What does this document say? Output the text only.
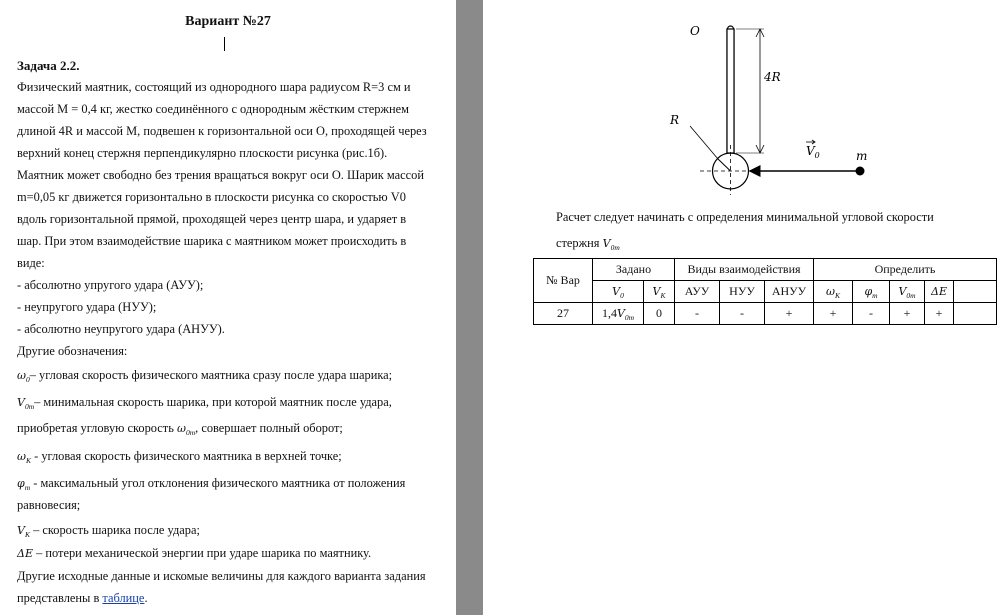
Вариант №27
Задача 2.2.
Физический маятник, состоящий из однородного шара радиусом R=3 см и
массой М = 0,4 кг, жестко соединённого с однородным жёстким стержнем
длиной 4R и массой М, подвешен к горизонтальной оси О, проходящей через
верхний конец стержня перпендикулярно плоскости рисунка (рис.1б).
Маятник может свободно без трения вращаться вокруг оси О. Шарик массой
m=0,05 кг движется горизонтально в плоскости рисунка со скоростью V0
вдоль горизонтальной прямой, проходящей через центр шара, и ударяет в
шар. При этом взаимодействие шарика с маятником может происходить в
виде:
- абсолютно упругого удара (АУУ);
- неупругого удара (НУУ);
- абсолютно неупругого удара (АНУУ).
Другие обозначения:
$\omega_0-$ угловая скорость физического маятника сразу после удара шарика;
$V_{0m}-$ минимальная скорость шарика, при которой маятник после удара,
приобретая угловую скорость $\omega_{0m}$, совершает полный оборот;
$\omega_K$ - угловая скорость физического маятника в верхней точке;
$\varphi_m$ - максимальный угол отклонения физического маятника от положения
равновесия;
$V_K$ – скорость шарика после удара;
ΔE – потери механической энергии при ударе шарика по маятнику.
Другие исходные данные и искомые величины для каждого варианта задания
представлены в таблице.
O
R
4R
$V_0$	m
Расчет следует начинать с определения минимальной угловой скорости
стержня $V_{0m}$
№ Вар	Задано		Виды взаимодействия			Определить				
	$V_0$	$V_K$	АУУ	НУУ	АНУУ	$\omega_K$	$\varphi_m$	$V_{0m}$	ΔE	
27	$1,4V_{0m}$	0	-	-	+	+	-	+	+	
